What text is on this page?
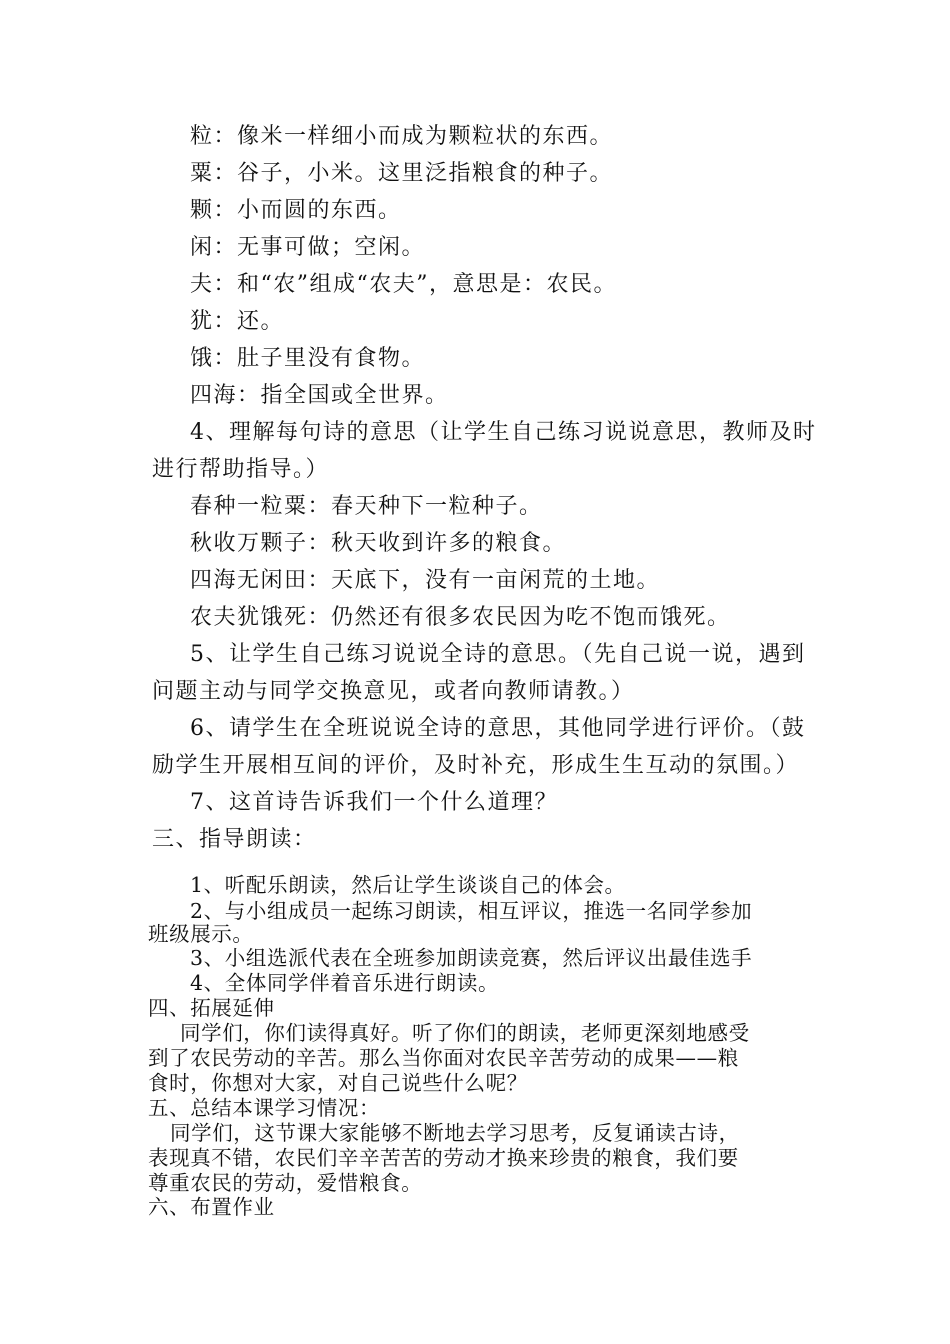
粒：像米一样细小而成为颗粒状的东西。
粟：谷子，小米。这里泛指粮食的种子。
颗：小而圆的东西。
闲：无事可做；空闲。
夫：和“农”组成“农夫”，意思是：农民。
犹：还。
饿：肚子里没有食物。
四海：指全国或全世界。
4、理解每句诗的意思（让学生自己练习说说意思，教师及时
进行帮助指导。）
春种一粒粟：春天种下一粒种子。
秋收万颗子：秋天收到许多的粮食。
四海无闲田：天底下，没有一亩闲荒的土地。
农夫犹饿死：仍然还有很多农民因为吃不饱而饿死。
5、让学生自己练习说说全诗的意思。（先自己说一说，遇到
问题主动与同学交换意见，或者向教师请教。）
6、请学生在全班说说全诗的意思，其他同学进行评价。（鼓
励学生开展相互间的评价，及时补充，形成生生互动的氛围。）
7、这首诗告诉我们一个什么道理？
三、指导朗读：
1、听配乐朗读，然后让学生谈谈自己的体会。
2、与小组成员一起练习朗读，相互评议，推选一名同学参加
班级展示。
3、小组选派代表在全班参加朗读竞赛，然后评议出最佳选手
4、全体同学伴着音乐进行朗读。
四、拓展延伸
同学们，你们读得真好。听了你们的朗读，老师更深刻地感受
到了农民劳动的辛苦。那么当你面对农民辛苦劳动的成果——粮
食时，你想对大家，对自己说些什么呢？
五、总结本课学习情况：
同学们，这节课大家能够不断地去学习思考，反复诵读古诗，
表现真不错，农民们辛辛苦苦的劳动才换来珍贵的粮食，我们要
尊重农民的劳动，爱惜粮食。
六、布置作业
